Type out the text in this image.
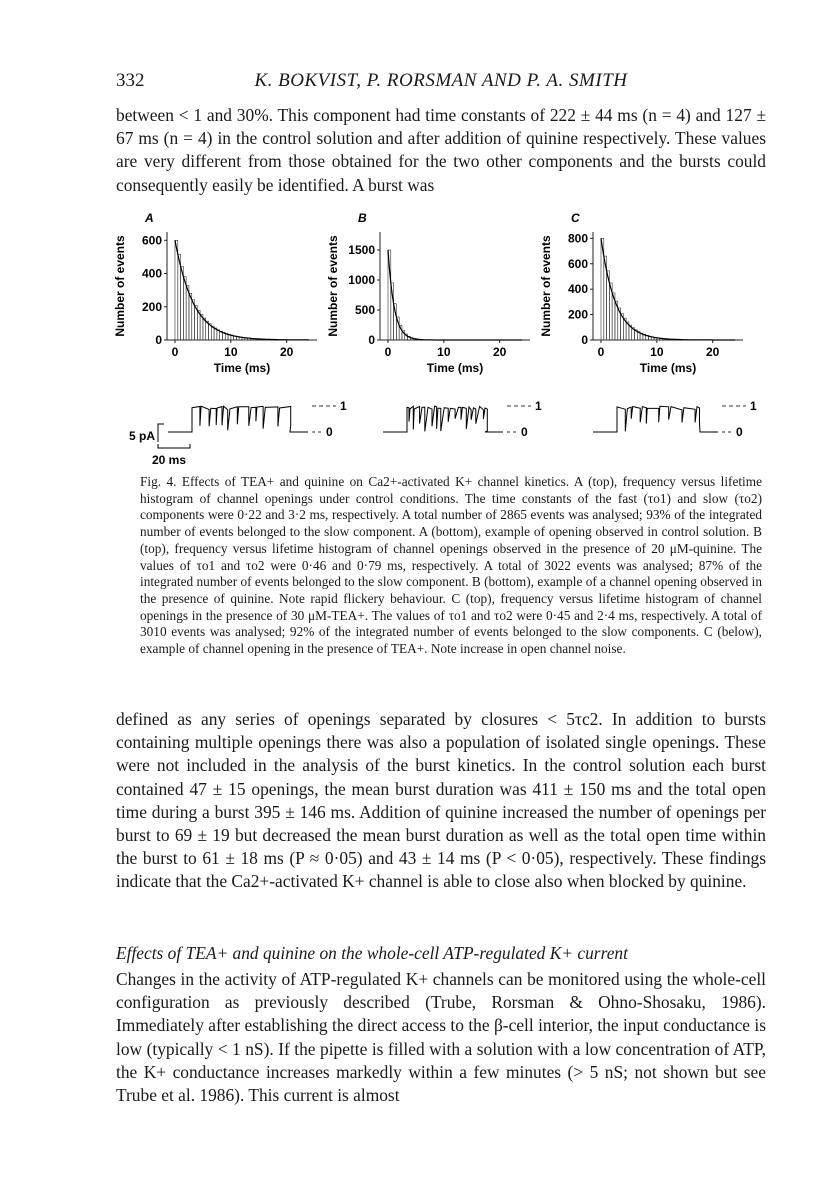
332	K. BOKVIST, P. RORSMAN AND P. A. SMITH

between < 1 and 30%. This component had time constants of 222 ± 44 ms (n = 4) and 127 ± 67 ms (n = 4) in the control solution and after addition of quinine respectively. These values are very different from those obtained for the two other components and the bursts could consequently easily be identified. A burst was

A
0
200
400
600
0	10	20
Time (ms)
Number of events
B
0
500
1000
1500
0	10	20
Time (ms)
Number of events
C
0
200
400
600
800
0	10	20
Time (ms)
Number of events
1
0
1
0
1
0
5 pA
20 ms

Fig. 4. Effects of TEA+ and quinine on Ca2+-activated K+ channel kinetics. A (top), frequency versus lifetime histogram of channel openings under control conditions. The time constants of the fast (τo1) and slow (τo2) components were 0·22 and 3·2 ms, respectively. A total number of 2865 events was analysed; 93% of the integrated number of events belonged to the slow component. A (bottom), example of opening observed in control solution. B (top), frequency versus lifetime histogram of channel openings observed in the presence of 20 μM-quinine. The values of τo1 and τo2 were 0·46 and 0·79 ms, respectively. A total of 3022 events was analysed; 87% of the integrated number of events belonged to the slow component. B (bottom), example of a channel opening observed in the presence of quinine. Note rapid flickery behaviour. C (top), frequency versus lifetime histogram of channel openings in the presence of 30 μM-TEA+. The values of τo1 and τo2 were 0·45 and 2·4 ms, respectively. A total of 3010 events was analysed; 92% of the integrated number of events belonged to the slow components. C (below), example of channel opening in the presence of TEA+. Note increase in open channel noise.

defined as any series of openings separated by closures < 5τc2. In addition to bursts containing multiple openings there was also a population of isolated single openings. These were not included in the analysis of the burst kinetics. In the control solution each burst contained 47 ± 15 openings, the mean burst duration was 411 ± 150 ms and the total open time during a burst 395 ± 146 ms. Addition of quinine increased the number of openings per burst to 69 ± 19 but decreased the mean burst duration as well as the total open time within the burst to 61 ± 18 ms (P ≈ 0·05) and 43 ± 14 ms (P < 0·05), respectively. These findings indicate that the Ca2+-activated K+ channel is able to close also when blocked by quinine.

Effects of TEA+ and quinine on the whole-cell ATP-regulated K+ current

Changes in the activity of ATP-regulated K+ channels can be monitored using the whole-cell configuration as previously described (Trube, Rorsman & Ohno-Shosaku, 1986). Immediately after establishing the direct access to the β-cell interior, the input conductance is low (typically < 1 nS). If the pipette is filled with a solution with a low concentration of ATP, the K+ conductance increases markedly within a few minutes (> 5 nS; not shown but see Trube et al. 1986). This current is almost
